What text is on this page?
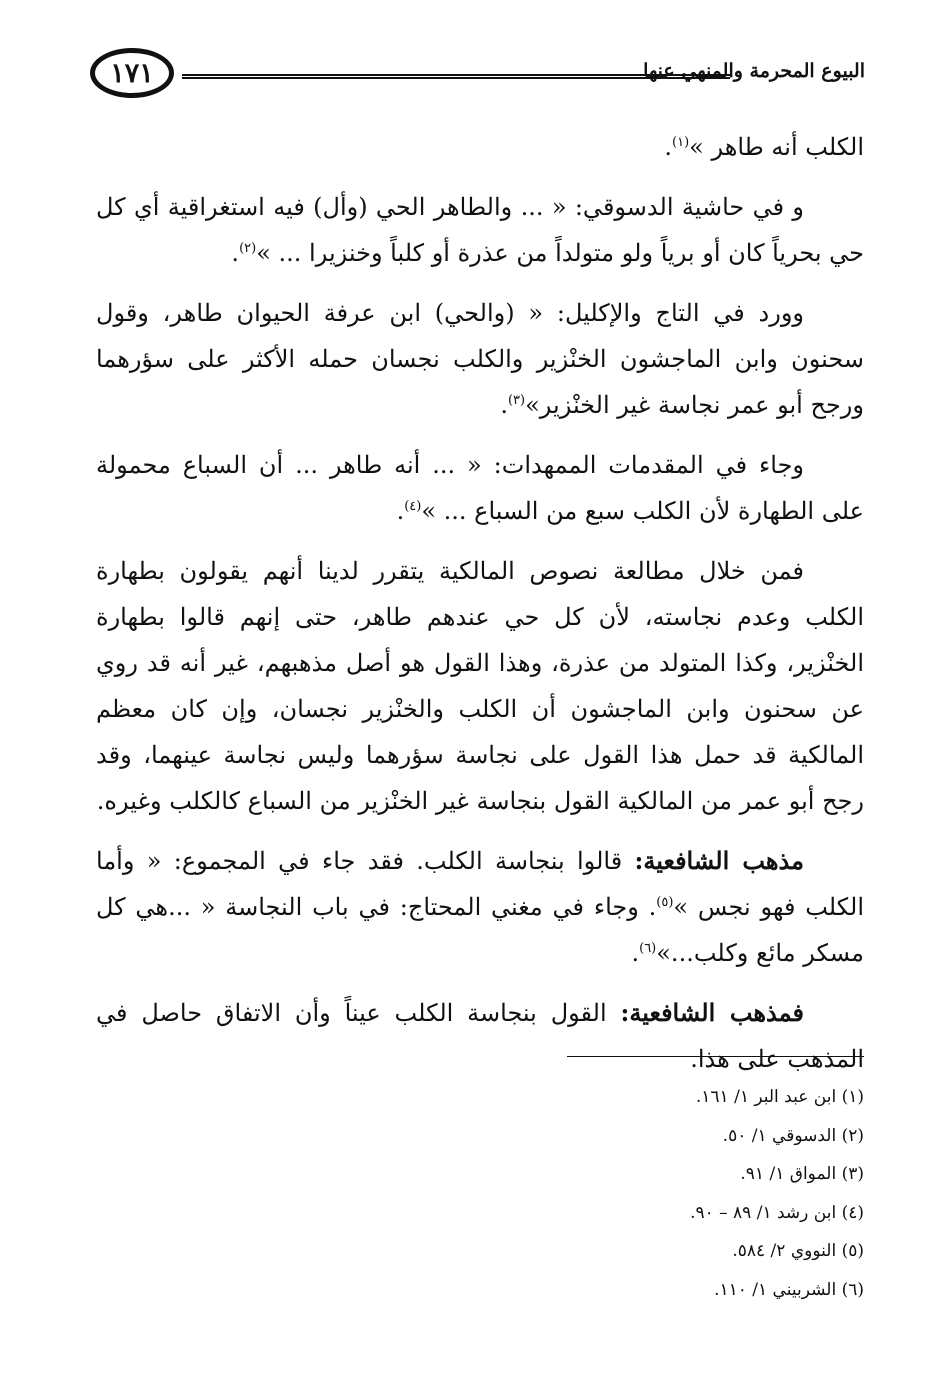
البيوع المحرمة والمنهي عنها
١٧١

الكلب أنه طاهر »$^{(١)}$.

و في حاشية الدسوقي: « ... والطاهر الحي (وأل) فيه استغراقية أي كل حي بحرياً كان أو برياً ولو متولداً من عذرة أو كلباً وخنزيرا ... »$^{(٢)}$.

وورد في التاج والإكليل: « (والحي) ابن عرفة الحيوان طاهر، وقول سحنون وابن الماجشون الخنْزير والكلب نجسان حمله الأكثر على سؤرهما ورجح أبو عمر نجاسة غير الخنْزير»$^{(٣)}$.

وجاء في المقدمات الممهدات: « ... أنه طاهر ... أن السباع محمولة على الطهارة لأن الكلب سبع من السباع ... »$^{(٤)}$.

فمن خلال مطالعة نصوص المالكية يتقرر لدينا أنهم يقولون بطهارة الكلب وعدم نجاسته، لأن كل حي عندهم طاهر، حتى إنهم قالوا بطهارة الخنْزير، وكذا المتولد من عذرة، وهذا القول هو أصل مذهبهم، غير أنه قد روي عن سحنون وابن الماجشون أن الكلب والخنْزير نجسان، وإن كان معظم المالكية قد حمل هذا القول على نجاسة سؤرهما وليس نجاسة عينهما، وقد رجح أبو عمر من المالكية القول بنجاسة غير الخنْزير من السباع كالكلب وغيره.

مذهب الشافعية: قالوا بنجاسة الكلب. فقد جاء في المجموع: « وأما الكلب فهو نجس »$^{(٥)}$. وجاء في مغني المحتاج: في باب النجاسة « ...هي كل مسكر مائع وكلب...»$^{(٦)}$.

فمذهب الشافعية: القول بنجاسة الكلب عيناً وأن الاتفاق حاصل في المذهب على هذا.

(١) ابن عبد البر ١/ ١٦١.
(٢) الدسوقي ١/ ٥٠.
(٣) المواق ١/ ٩١.
(٤) ابن رشد ١/ ٨٩ – ٩٠.
(٥) النووي ٢/ ٥٨٤.
(٦) الشربيني ١/ ١١٠.
